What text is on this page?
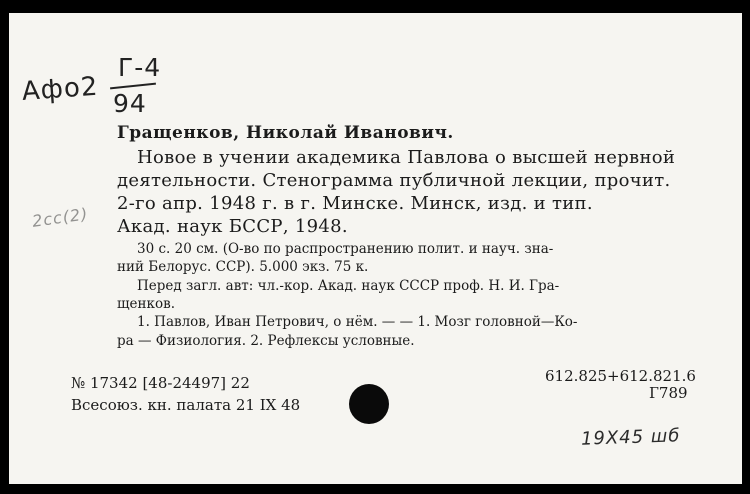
Афо2
Г-4
94
2сс(2)
Гращенков, Николай Иванович.
Новое в учении академика Павлова о высшей нервной
деятельности. Стенограмма публичной лекции, прочит.
2-го апр. 1948 г. в г. Минске. Минск, изд. и тип.
Акад. наук БССР, 1948.
30 с. 20 см. (О-во по распространению полит. и науч. зна-
ний Белорус. ССР). 5.000 экз. 75 к.
Перед загл. авт: чл.-кор. Акад. наук СССР проф. Н. И. Гра-
щенков.
1. Павлов, Иван Петрович, о нём. — — 1. Мозг головной—Ко-
ра — Физиология. 2. Рефлексы условные.
№ 17342 [48-24497] 22
Всесоюз. кн. палата 21 IX 48
612.825+612.821.6
Г789
19Х45 шб
